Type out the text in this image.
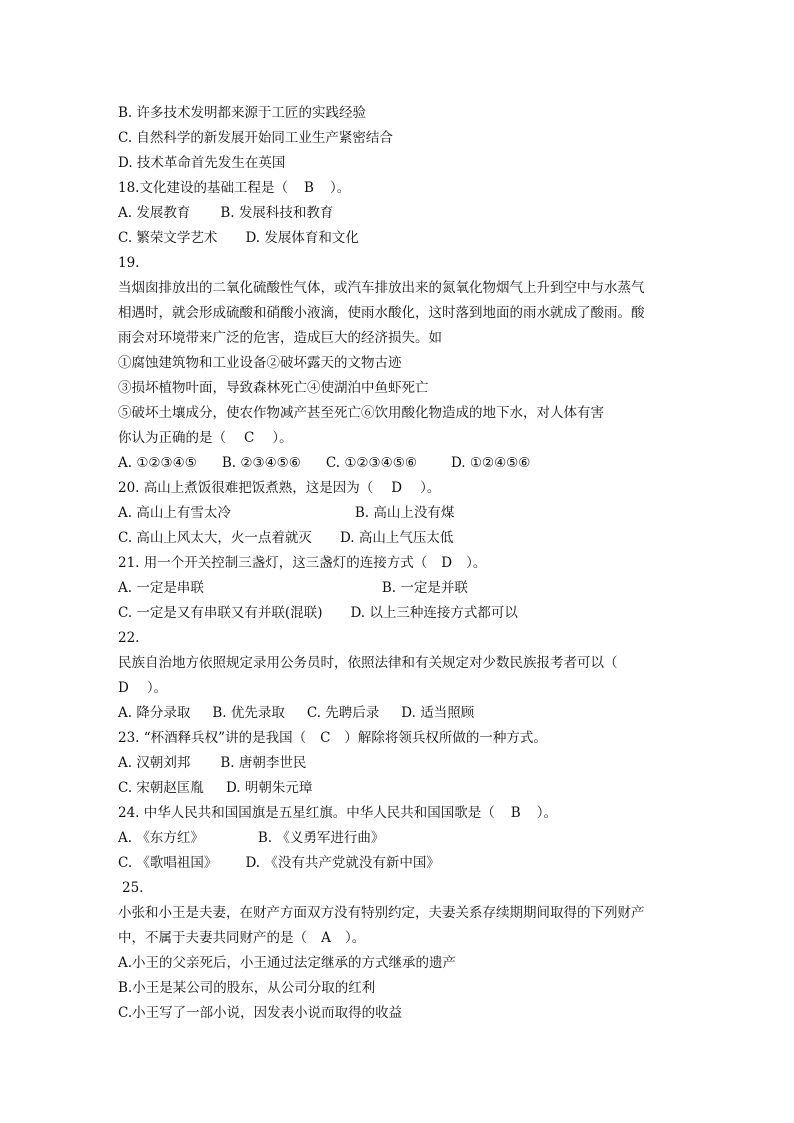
B. 许多技术发明都来源于工匠的实践经验
C. 自然科学的新发展开始同工业生产紧密结合
D. 技术革命首先发生在英国
18.文化建设的基础工程是（ B ）。
A. 发展教育 B. 发展科技和教育
C. 繁荣文学艺术 D. 发展体育和文化
19.
当烟囱排放出的二氧化硫酸性气体，或汽车排放出来的氮氧化物烟气上升到空中与水蒸气
相遇时，就会形成硫酸和硝酸小液滴，使雨水酸化，这时落到地面的雨水就成了酸雨。酸
雨会对环境带来广泛的危害，造成巨大的经济损失。如
①腐蚀建筑物和工业设备②破坏露天的文物古迹
③损坏植物叶面，导致森林死亡④使湖泊中鱼虾死亡
⑤破坏土壤成分，使农作物减产甚至死亡⑥饮用酸化物造成的地下水，对人体有害
你认为正确的是（ C ）。
A. ①②③④⑤ B. ②③④⑤⑥ C. ①②③④⑤⑥	D. ①②④⑤⑥
20. 高山上煮饭很难把饭煮熟，这是因为（ D ）。
A. 高山上有雪太冷	B. 高山上没有煤
C. 高山上风太大，火一点着就灭 D. 高山上气压太低
21. 用一个开关控制三盏灯，这三盏灯的连接方式（ D ）。
A. 一定是串联	B. 一定是并联
C. 一定是又有串联又有并联(混联) D. 以上三种连接方式都可以
22.
民族自治地方依照规定录用公务员时，依照法律和有关规定对少数民族报考者可以（
D ）。
A. 降分录取 B. 优先录取 C. 先聘后录 D. 适当照顾
23. “杯酒释兵权”讲的是我国（ C ）解除将领兵权所做的一种方式。
A. 汉朝刘邦 B. 唐朝李世民
C. 宋朝赵匡胤 D. 明朝朱元璋
24. 中华人民共和国国旗是五星红旗。中华人民共和国国歌是（ B ）。
A. 《东方红》	B. 《义勇军进行曲》
C. 《歌唱祖国》 D. 《没有共产党就没有新中国》
25.
小张和小王是夫妻，在财产方面双方没有特别约定，夫妻关系存续期期间取得的下列财产
中，不属于夫妻共同财产的是（ A ）。
A.小王的父亲死后，小王通过法定继承的方式继承的遗产
B.小王是某公司的股东，从公司分取的红利
C.小王写了一部小说，因发表小说而取得的收益
